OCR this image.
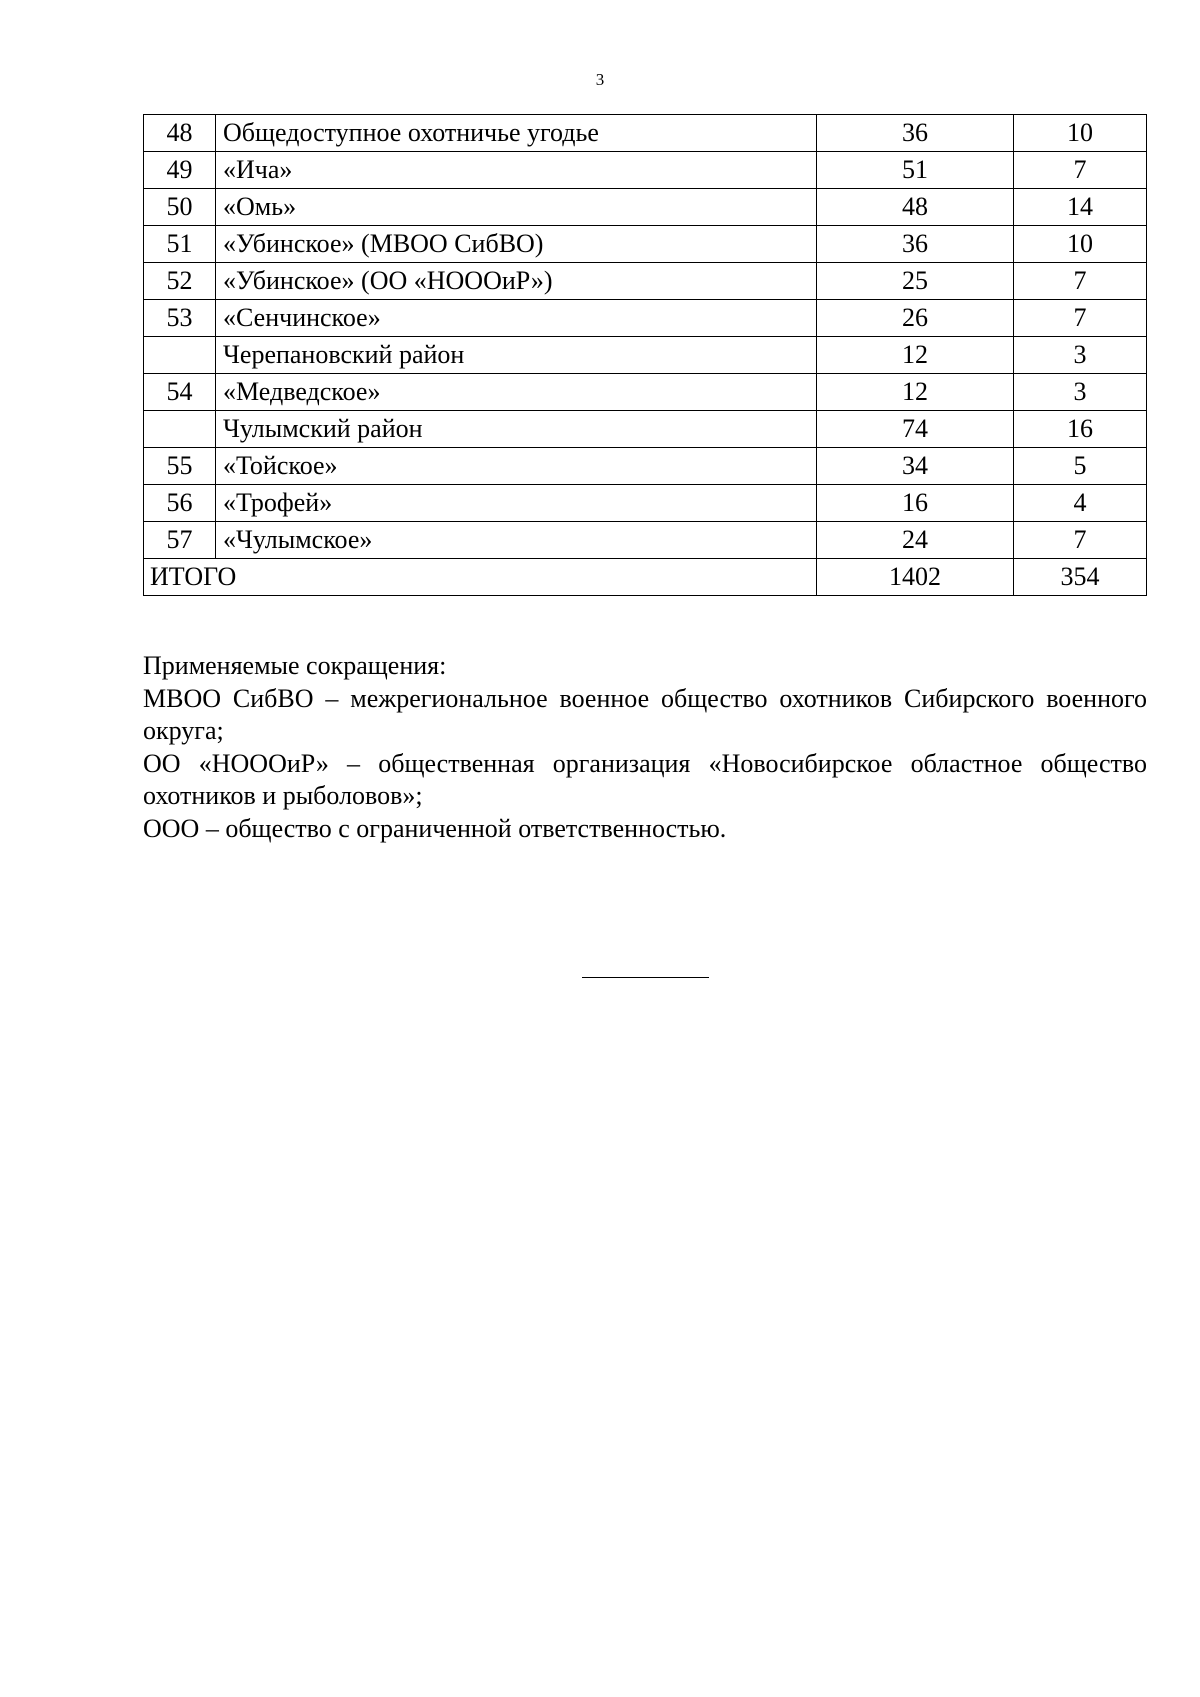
3
48	Общедоступное охотничье угодье	36	10
49	«Ича»	51	7
50	«Омь»	48	14
51	«Убинское» (МВОО СибВО)	36	10
52	«Убинское» (ОО «НОООиР»)	25	7
53	«Сенчинское»	26	7
	Черепановский район	12	3
54	«Медведское»	12	3
	Чулымский район	74	16
55	«Тойское»	34	5
56	«Трофей»	16	4
57	«Чулымское»	24	7
ИТОГО		1402	354

Применяемые сокращения:

МВОО СибВО – межрегиональное военное общество охотников Сибирского военного округа;

ОО «НОООиР» – общественная организация «Новосибирское областное общество охотников и рыболовов»;

ООО – общество с ограниченной ответственностью.
